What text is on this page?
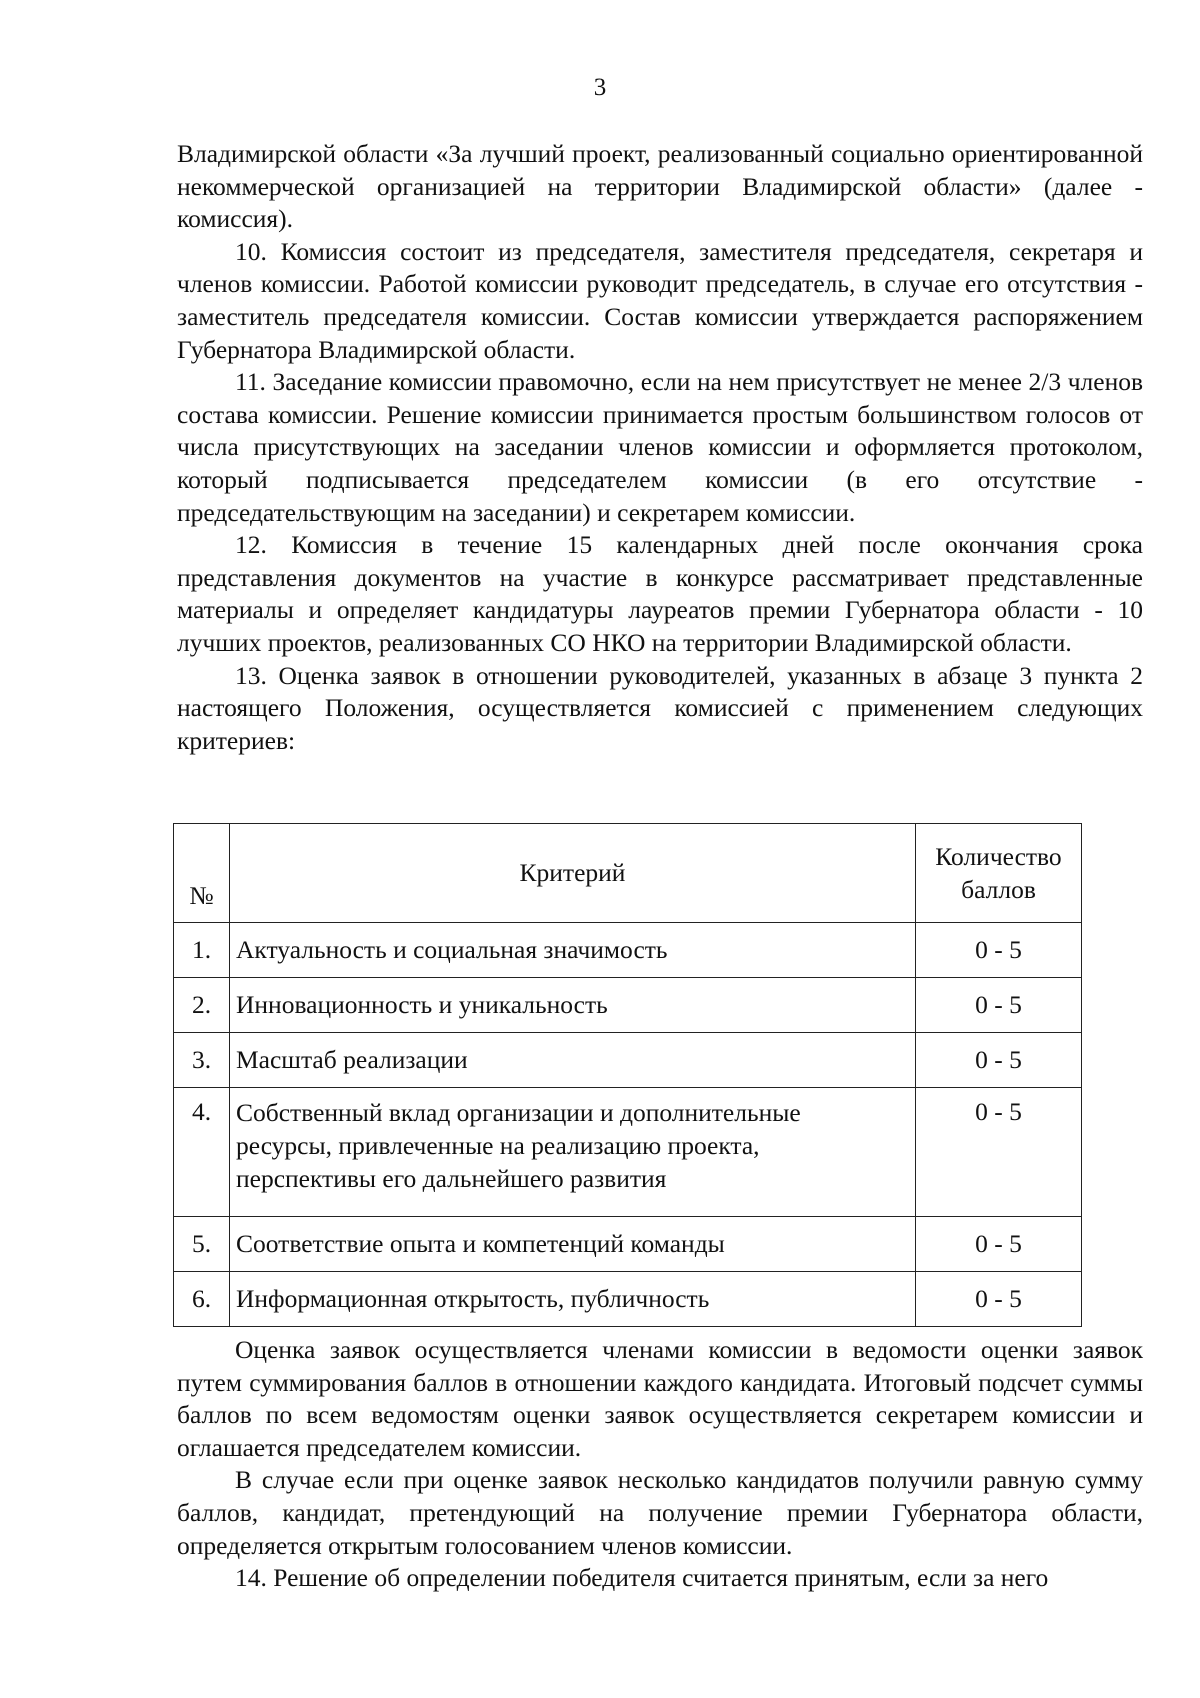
3

Владимирской области «За лучший проект, реализованный социально ориентированной некоммерческой организацией на территории Владимирской области» (далее - комиссия).

10. Комиссия состоит из председателя, заместителя председателя, секретаря и членов комиссии. Работой комиссии руководит председатель, в случае его отсутствия - заместитель председателя комиссии. Состав комиссии утверждается распоряжением Губернатора Владимирской области.

11. Заседание комиссии правомочно, если на нем присутствует не менее 2/3 членов состава комиссии. Решение комиссии принимается простым большинством голосов от числа присутствующих на заседании членов комиссии и оформляется протоколом, который подписывается председателем комиссии (в его отсутствие - председательствующим на заседании) и секретарем комиссии.

12. Комиссия в течение 15 календарных дней после окончания срока представления документов на участие в конкурсе рассматривает представленные материалы и определяет кандидатуры лауреатов премии Губернатора области - 10 лучших проектов, реализованных СО НКО на территории Владимирской области.

13. Оценка заявок в отношении руководителей, указанных в абзаце 3 пункта 2 настоящего Положения, осуществляется комиссией с применением следующих критериев:

№	Критерий	Количество
баллов

1.	Актуальность и социальная значимость	0 - 5
2.	Инновационность и уникальность	0 - 5
3.	Масштаб реализации	0 - 5
4.	Собственный вклад организации и дополнительные
ресурсы, привлеченные на реализацию проекта,
перспективы его дальнейшего развития	0 - 5
5.	Соответствие опыта и компетенций команды	0 - 5
6.	Информационная открытость, публичность	0 - 5

Оценка заявок осуществляется членами комиссии в ведомости оценки заявок путем суммирования баллов в отношении каждого кандидата. Итоговый подсчет суммы баллов по всем ведомостям оценки заявок осуществляется секретарем комиссии и оглашается председателем комиссии.

В случае если при оценке заявок несколько кандидатов получили равную сумму баллов, кандидат, претендующий на получение премии Губернатора области, определяется открытым голосованием членов комиссии.

14. Решение об определении победителя считается принятым, если за него
